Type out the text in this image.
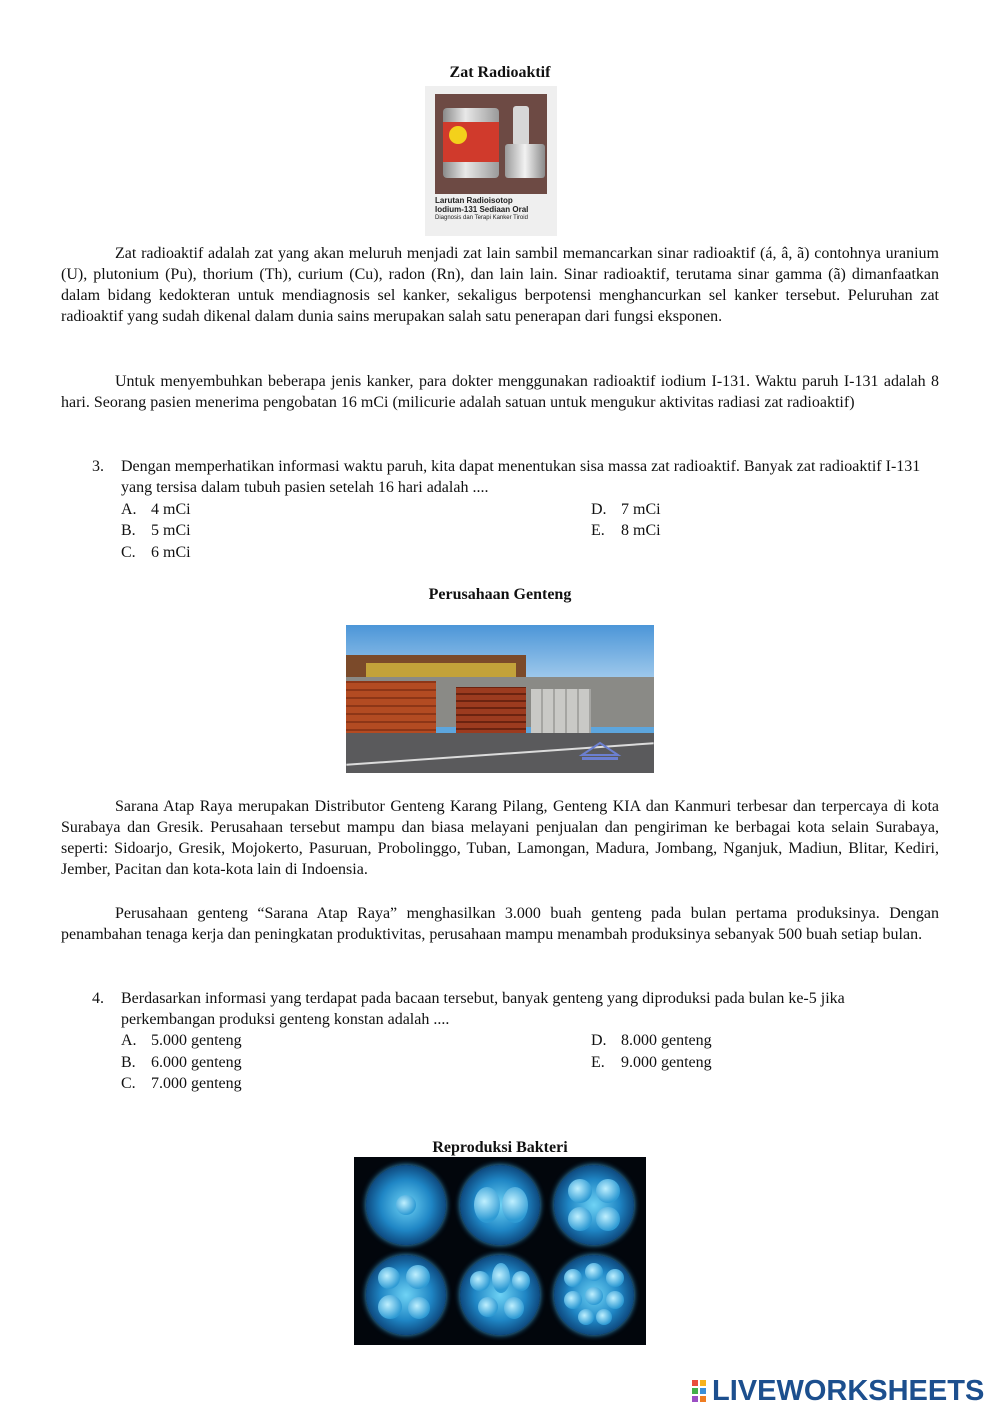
Zat Radioaktif
Larutan Radioisotop
Iodium-131 Sediaan Oral
Diagnosis dan Terapi Kanker Tiroid
Zat radioaktif adalah zat yang akan meluruh menjadi zat lain sambil memancarkan sinar radioaktif (á, â, ã) contohnya uranium (U), plutonium (Pu), thorium (Th), curium (Cu), radon (Rn), dan lain lain. Sinar radioaktif, terutama sinar gamma (ã) dimanfaatkan dalam bidang kedokteran untuk mendiagnosis sel kanker, sekaligus berpotensi menghancurkan sel kanker tersebut. Peluruhan zat radioaktif yang sudah dikenal dalam dunia sains merupakan salah satu penerapan dari fungsi eksponen.
Untuk menyembuhkan beberapa jenis kanker, para dokter menggunakan radioaktif iodium I-131. Waktu paruh I-131 adalah 8 hari. Seorang pasien menerima pengobatan 16 mCi (milicurie adalah satuan untuk mengukur aktivitas radiasi zat radioaktif)
3. Dengan memperhatikan informasi waktu paruh, kita dapat menentukan sisa massa zat radioaktif. Banyak zat radioaktif I-131 yang tersisa dalam tubuh pasien setelah 16 hari adalah ....
A. 4 mCi
B. 5 mCi
C. 6 mCi
D. 7 mCi
E. 8 mCi
Perusahaan Genteng
Sarana Atap Raya merupakan Distributor Genteng Karang Pilang, Genteng KIA dan Kanmuri terbesar dan terpercaya di kota Surabaya dan Gresik. Perusahaan tersebut mampu dan biasa melayani penjualan dan pengiriman ke berbagai kota selain Surabaya, seperti: Sidoarjo, Gresik, Mojokerto, Pasuruan, Probolinggo, Tuban, Lamongan, Madura, Jombang, Nganjuk, Madiun, Blitar, Kediri, Jember, Pacitan dan kota-kota lain di Indoensia.
Perusahaan genteng “Sarana Atap Raya” menghasilkan 3.000 buah genteng pada bulan pertama produksinya. Dengan penambahan tenaga kerja dan peningkatan produktivitas, perusahaan mampu menambah produksinya sebanyak 500 buah setiap bulan.
4. Berdasarkan informasi yang terdapat pada bacaan tersebut, banyak genteng yang diproduksi pada bulan ke-5 jika perkembangan produksi genteng konstan adalah ....
A. 5.000 genteng
B. 6.000 genteng
C. 7.000 genteng
D. 8.000 genteng
E. 9.000 genteng
Reproduksi Bakteri
LIVEWORKSHEETS
